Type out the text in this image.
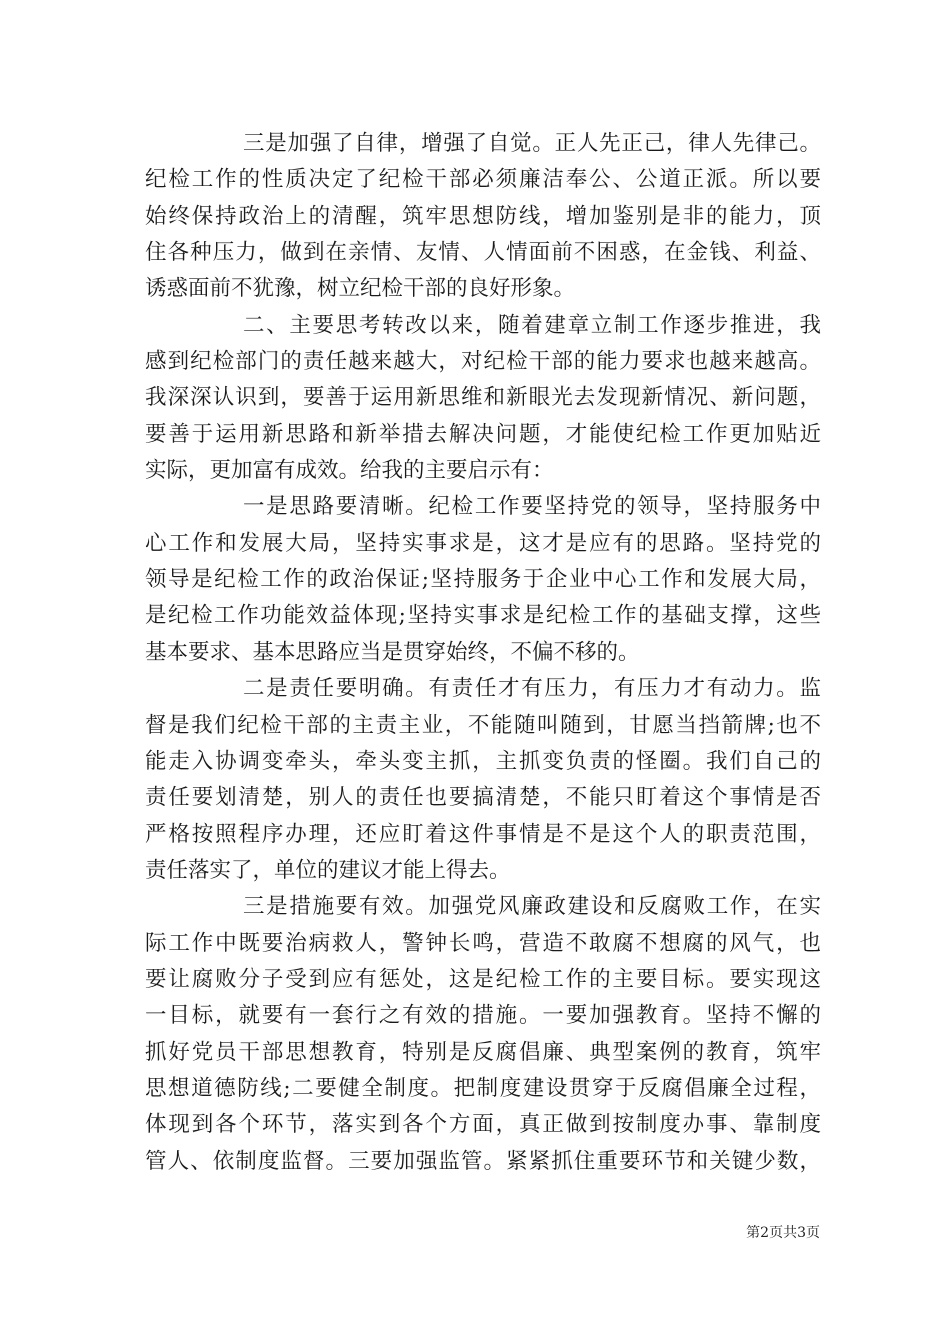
三是加强了自律，增强了自觉。正人先正己，律人先律己。
纪检工作的性质决定了纪检干部必须廉洁奉公、公道正派。所以要
始终保持政治上的清醒，筑牢思想防线，增加鉴别是非的能力，顶
住各种压力，做到在亲情、友情、人情面前不困惑，在金钱、利益、
诱惑面前不犹豫，树立纪检干部的良好形象。
二、主要思考转改以来，随着建章立制工作逐步推进，我
感到纪检部门的责任越来越大，对纪检干部的能力要求也越来越高。
我深深认识到，要善于运用新思维和新眼光去发现新情况、新问题，
要善于运用新思路和新举措去解决问题，才能使纪检工作更加贴近
实际，更加富有成效。给我的主要启示有：
一是思路要清晰。纪检工作要坚持党的领导，坚持服务中
心工作和发展大局，坚持实事求是，这才是应有的思路。坚持党的
领导是纪检工作的政治保证;坚持服务于企业中心工作和发展大局，
是纪检工作功能效益体现;坚持实事求是纪检工作的基础支撑，这些
基本要求、基本思路应当是贯穿始终，不偏不移的。
二是责任要明确。有责任才有压力，有压力才有动力。监
督是我们纪检干部的主责主业，不能随叫随到，甘愿当挡箭牌;也不
能走入协调变牵头，牵头变主抓，主抓变负责的怪圈。我们自己的
责任要划清楚，别人的责任也要搞清楚，不能只盯着这个事情是否
严格按照程序办理，还应盯着这件事情是不是这个人的职责范围，
责任落实了，单位的建议才能上得去。
三是措施要有效。加强党风廉政建设和反腐败工作，在实
际工作中既要治病救人，警钟长鸣，营造不敢腐不想腐的风气，也
要让腐败分子受到应有惩处，这是纪检工作的主要目标。要实现这
一目标，就要有一套行之有效的措施。一要加强教育。坚持不懈的
抓好党员干部思想教育，特别是反腐倡廉、典型案例的教育，筑牢
思想道德防线;二要健全制度。把制度建设贯穿于反腐倡廉全过程，
体现到各个环节，落实到各个方面，真正做到按制度办事、靠制度
管人、依制度监督。三要加强监管。紧紧抓住重要环节和关键少数，
第2页共3页
